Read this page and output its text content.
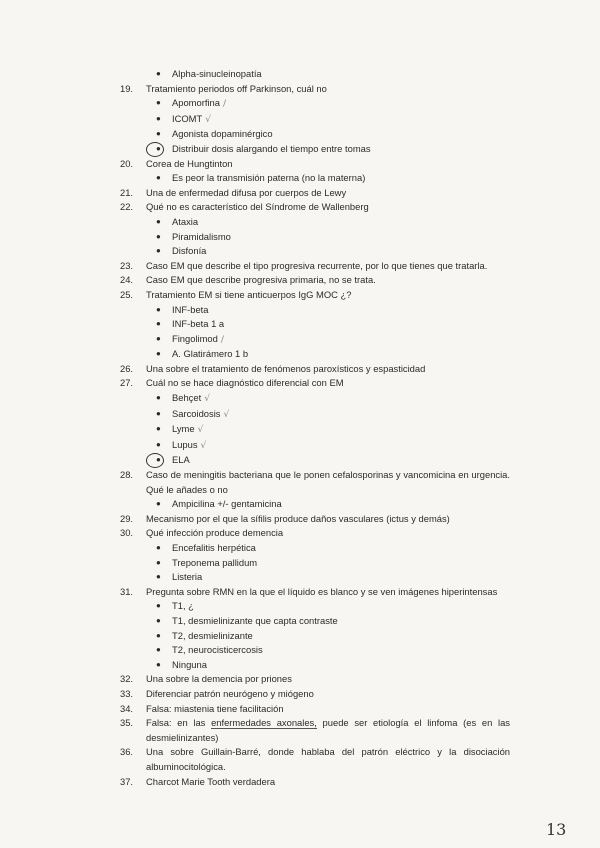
● Alpha-sinucleinopatía
19. Tratamiento periodos off Parkinson, cuál no
● Apomorfina /
● ICOMT √
● Agonista dopaminérgico
● Distribuir dosis alargando el tiempo entre tomas
20. Corea de Hungtinton
● Es peor la transmisión paterna (no la materna)
21. Una de enfermedad difusa por cuerpos de Lewy
22. Qué no es característico del Síndrome de Wallenberg
● Ataxia
● Piramidalismo
● Disfonía
23. Caso EM que describe el tipo progresiva recurrente, por lo que tienes que tratarla.
24. Caso EM que describe progresiva primaria, no se trata.
25. Tratamiento EM si tiene anticuerpos IgG MOC ¿?
● INF-beta
● INF-beta 1 a
● Fingolimod /
● A. Glatirámero 1 b
26. Una sobre el tratamiento de fenómenos paroxísticos y espasticidad
27. Cuál no se hace diagnóstico diferencial con EM
● Behçet √
● Sarcoidosis √
● Lyme √
● Lupus √
● ELA
28. Caso de meningitis bacteriana que le ponen cefalosporinas y vancomicina en urgencia. Qué le añades o no
● Ampicilina +/- gentamicina
29. Mecanismo por el que la sífilis produce daños vasculares (ictus y demás)
30. Qué infección produce demencia
● Encefalitis herpética
● Treponema pallidum
● Listeria
31. Pregunta sobre RMN en la que el líquido es blanco y se ven imágenes hiperintensas
● T1, ¿
● T1, desmielinizante que capta contraste
● T2, desmielinizante
● T2, neurocisticercosis
● Ninguna
32. Una sobre la demencia por priones
33. Diferenciar patrón neurógeno y miógeno
34. Falsa: miastenia tiene facilitación
35. Falsa: en las enfermedades axonales, puede ser etiología el linfoma (es en las desmielinizantes)
36. Una sobre Guillain-Barré, donde hablaba del patrón eléctrico y la disociación albuminocitológica.
37. Charcot Marie Tooth verdadera
13
